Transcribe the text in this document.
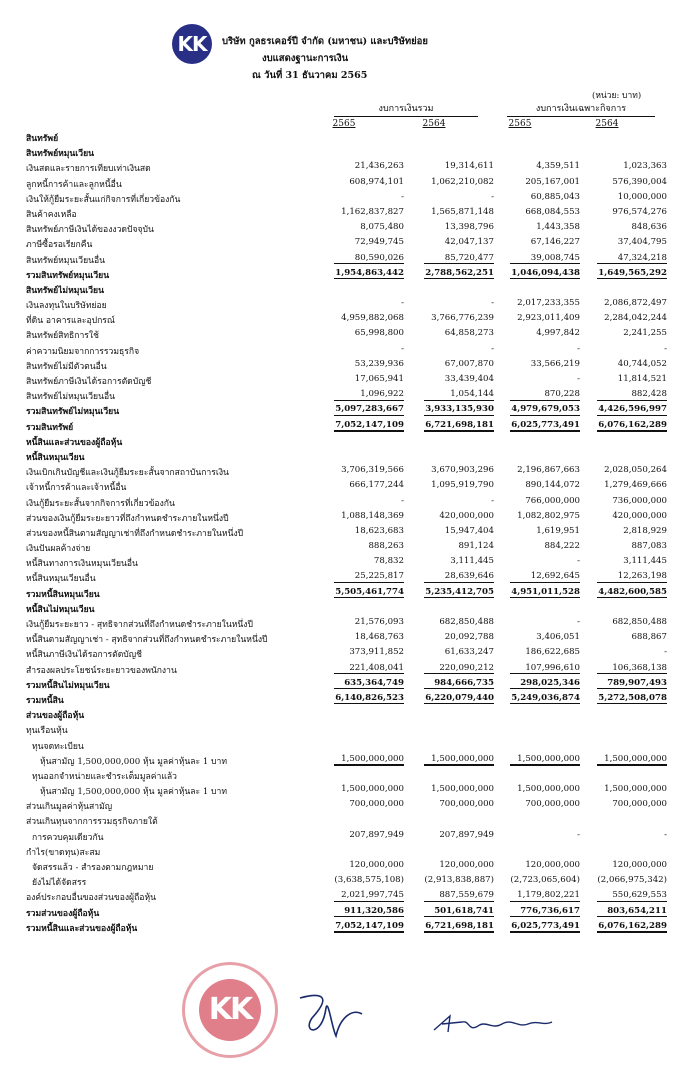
KK	บริษัท กูลธรเคอร์ปี จำกัด (มหาชน) และบริษัทย่อย
งบแสดงฐานะการเงิน
ณ วันที่ 31 ธันวาคม 2565
(หน่วย: บาท)
งบการเงินรวม	งบการเงินเฉพาะกิจการ
2565	2564	2565	2564
สินทรัพย์
สินทรัพย์หมุนเวียน
เงินสดและรายการเทียบเท่าเงินสด	21,436,263	19,314,611	4,359,511	1,023,363
ลูกหนี้การค้าและลูกหนี้อื่น	608,974,101	1,062,210,082	205,167,001	576,390,004
เงินให้กู้ยืมระยะสั้นแก่กิจการที่เกี่ยวข้องกัน	-	-	60,885,043	10,000,000
สินค้าคงเหลือ	1,162,837,827	1,565,871,148	668,084,553	976,574,276
สินทรัพย์ภาษีเงินได้ของงวดปัจจุบัน	8,075,480	13,398,796	1,443,358	848,636
ภาษีซื้อรอเรียกคืน	72,949,745	42,047,137	67,146,227	37,404,795
สินทรัพย์หมุนเวียนอื่น	80,590,026	85,720,477	39,008,745	47,324,218
รวมสินทรัพย์หมุนเวียน	1,954,863,442 2,788,562,251 1,046,094,438 1,649,565,292
สินทรัพย์ไม่หมุนเวียน
เงินลงทุนในบริษัทย่อย	-	-	2,017,233,355	2,086,872,497
ที่ดิน อาคารและอุปกรณ์	4,959,882,068	3,766,776,239	2,923,011,409	2,284,042,244
สินทรัพย์สิทธิการใช้	65,998,800	64,858,273	4,997,842	2,241,255
ค่าความนิยมจากการรวมธุรกิจ	-	-	-	-
สินทรัพย์ไม่มีตัวตนอื่น	53,239,936	67,007,870	33,566,219	40,744,052
สินทรัพย์ภาษีเงินได้รอการตัดบัญชี	17,065,941	33,439,404	-	11,814,521
สินทรัพย์ไม่หมุนเวียนอื่น	1,096,922	1,054,144	870,228	882,428
รวมสินทรัพย์ไม่หมุนเวียน	5,097,283,667 3,933,135,930 4,979,679,053 4,426,596,997
รวมสินทรัพย์	7,052,147,109 6,721,698,181 6,025,773,491 6,076,162,289
หนี้สินและส่วนของผู้ถือหุ้น
หนี้สินหมุนเวียน
เงินเบิกเกินบัญชีและเงินกู้ยืมระยะสั้นจากสถาบันการเงิน	3,706,319,566	3,670,903,296	2,196,867,663	2,028,050,264
เจ้าหนี้การค้าและเจ้าหนี้อื่น	666,177,244	1,095,919,790	890,144,072	1,279,469,666
เงินกู้ยืมระยะสั้นจากกิจการที่เกี่ยวข้องกัน	-	-	766,000,000	736,000,000
ส่วนของเงินกู้ยืมระยะยาวที่ถึงกำหนดชำระภายในหนึ่งปี	1,088,148,369	420,000,000	1,082,802,975	420,000,000
ส่วนของหนี้สินตามสัญญาเช่าที่ถึงกำหนดชำระภายในหนึ่งปี	18,623,683	15,947,404	1,619,951	2,818,929
เงินปันผลค้างจ่าย	888,263	891,124	884,222	887,083
หนี้สินทางการเงินหมุนเวียนอื่น	78,832	3,111,445	-	3,111,445
หนี้สินหมุนเวียนอื่น	25,225,817	28,639,646	12,692,645	12,263,198
รวมหนี้สินหมุนเวียน	5,505,461,774 5,235,412,705 4,951,011,528 4,482,600,585
หนี้สินไม่หมุนเวียน
เงินกู้ยืมระยะยาว - สุทธิจากส่วนที่ถึงกำหนดชำระภายในหนึ่งปี	21,576,093	682,850,488	-	682,850,488
หนี้สินตามสัญญาเช่า - สุทธิจากส่วนที่ถึงกำหนดชำระภายในหนึ่งปี	18,468,763	20,092,788	3,406,051	688,867
หนี้สินภาษีเงินได้รอการตัดบัญชี	373,911,852	61,633,247	186,622,685	-
สำรองผลประโยชน์ระยะยาวของพนักงาน	221,408,041	220,090,212	107,996,610	106,368,138
รวมหนี้สินไม่หมุนเวียน	635,364,749	984,666,735	298,025,346	789,907,493
รวมหนี้สิน	6,140,826,523 6,220,079,440 5,249,036,874 5,272,508,078
ส่วนของผู้ถือหุ้น
ทุนเรือนหุ้น
ทุนจดทะเบียน
หุ้นสามัญ 1,500,000,000 หุ้น มูลค่าหุ้นละ 1 บาท	1,500,000,000	1,500,000,000	1,500,000,000	1,500,000,000
ทุนออกจำหน่ายและชำระเต็มมูลค่าแล้ว
หุ้นสามัญ 1,500,000,000 หุ้น มูลค่าหุ้นละ 1 บาท	1,500,000,000	1,500,000,000	1,500,000,000	1,500,000,000
ส่วนเกินมูลค่าหุ้นสามัญ	700,000,000	700,000,000	700,000,000	700,000,000
ส่วนเกินทุนจากการรวมธุรกิจภายใต้
การควบคุมเดียวกัน	207,897,949	207,897,949	-	-
กำไร(ขาดทุน)สะสม
จัดสรรแล้ว - สำรองตามกฎหมาย	120,000,000	120,000,000	120,000,000	120,000,000
ยังไม่ได้จัดสรร	(3,638,575,108) (2,913,838,887) (2,723,065,604) (2,066,975,342)
องค์ประกอบอื่นของส่วนของผู้ถือหุ้น	2,021,997,745	887,559,679	1,179,802,221	550,629,553
รวมส่วนของผู้ถือหุ้น	911,320,586	501,618,741	776,736,617	803,654,211
รวมหนี้สินและส่วนของผู้ถือหุ้น	7,052,147,109 6,721,698,181 6,025,773,491 6,076,162,289
KK
